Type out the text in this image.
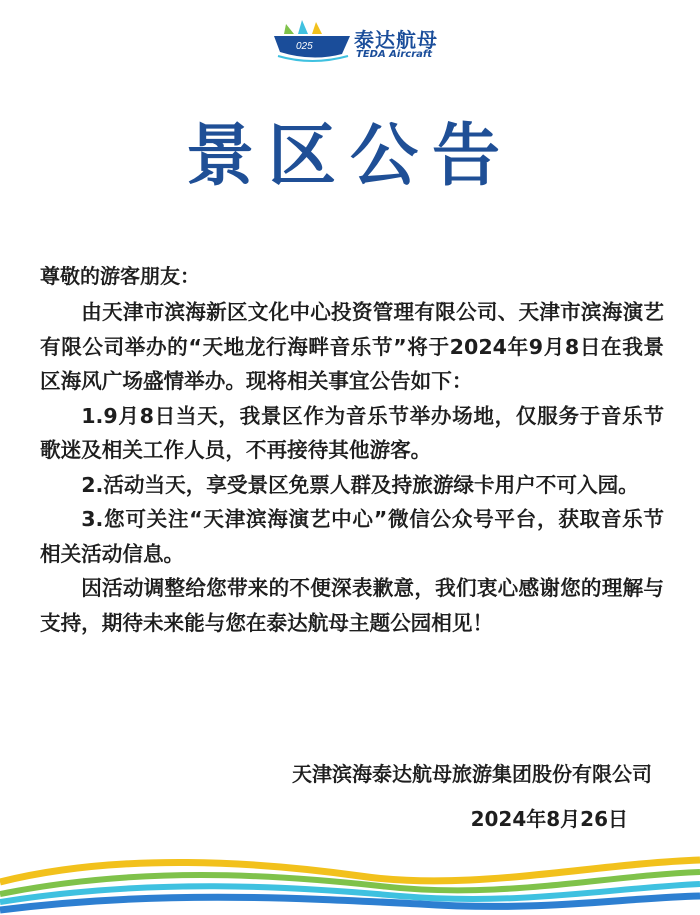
025 泰达航母
TEDA Aircraft
景区公告
尊敬的游客朋友：

由天津市滨海新区文化中心投资管理有限公司、天津市滨海演艺有限公司举办的“天地龙行海畔音乐节”将于2024年9月8日在我景区海风广场盛情举办。现将相关事宜公告如下：

1.9月8日当天，我景区作为音乐节举办场地，仅服务于音乐节歌迷及相关工作人员，不再接待其他游客。

2.活动当天，享受景区免票人群及持旅游绿卡用户不可入园。

3.您可关注“天津滨海演艺中心”微信公众号平台，获取音乐节相关活动信息。

因活动调整给您带来的不便深表歉意，我们衷心感谢您的理解与支持，期待未来能与您在泰达航母主题公园相见！

天津滨海泰达航母旅游集团股份有限公司
2024年8月26日
